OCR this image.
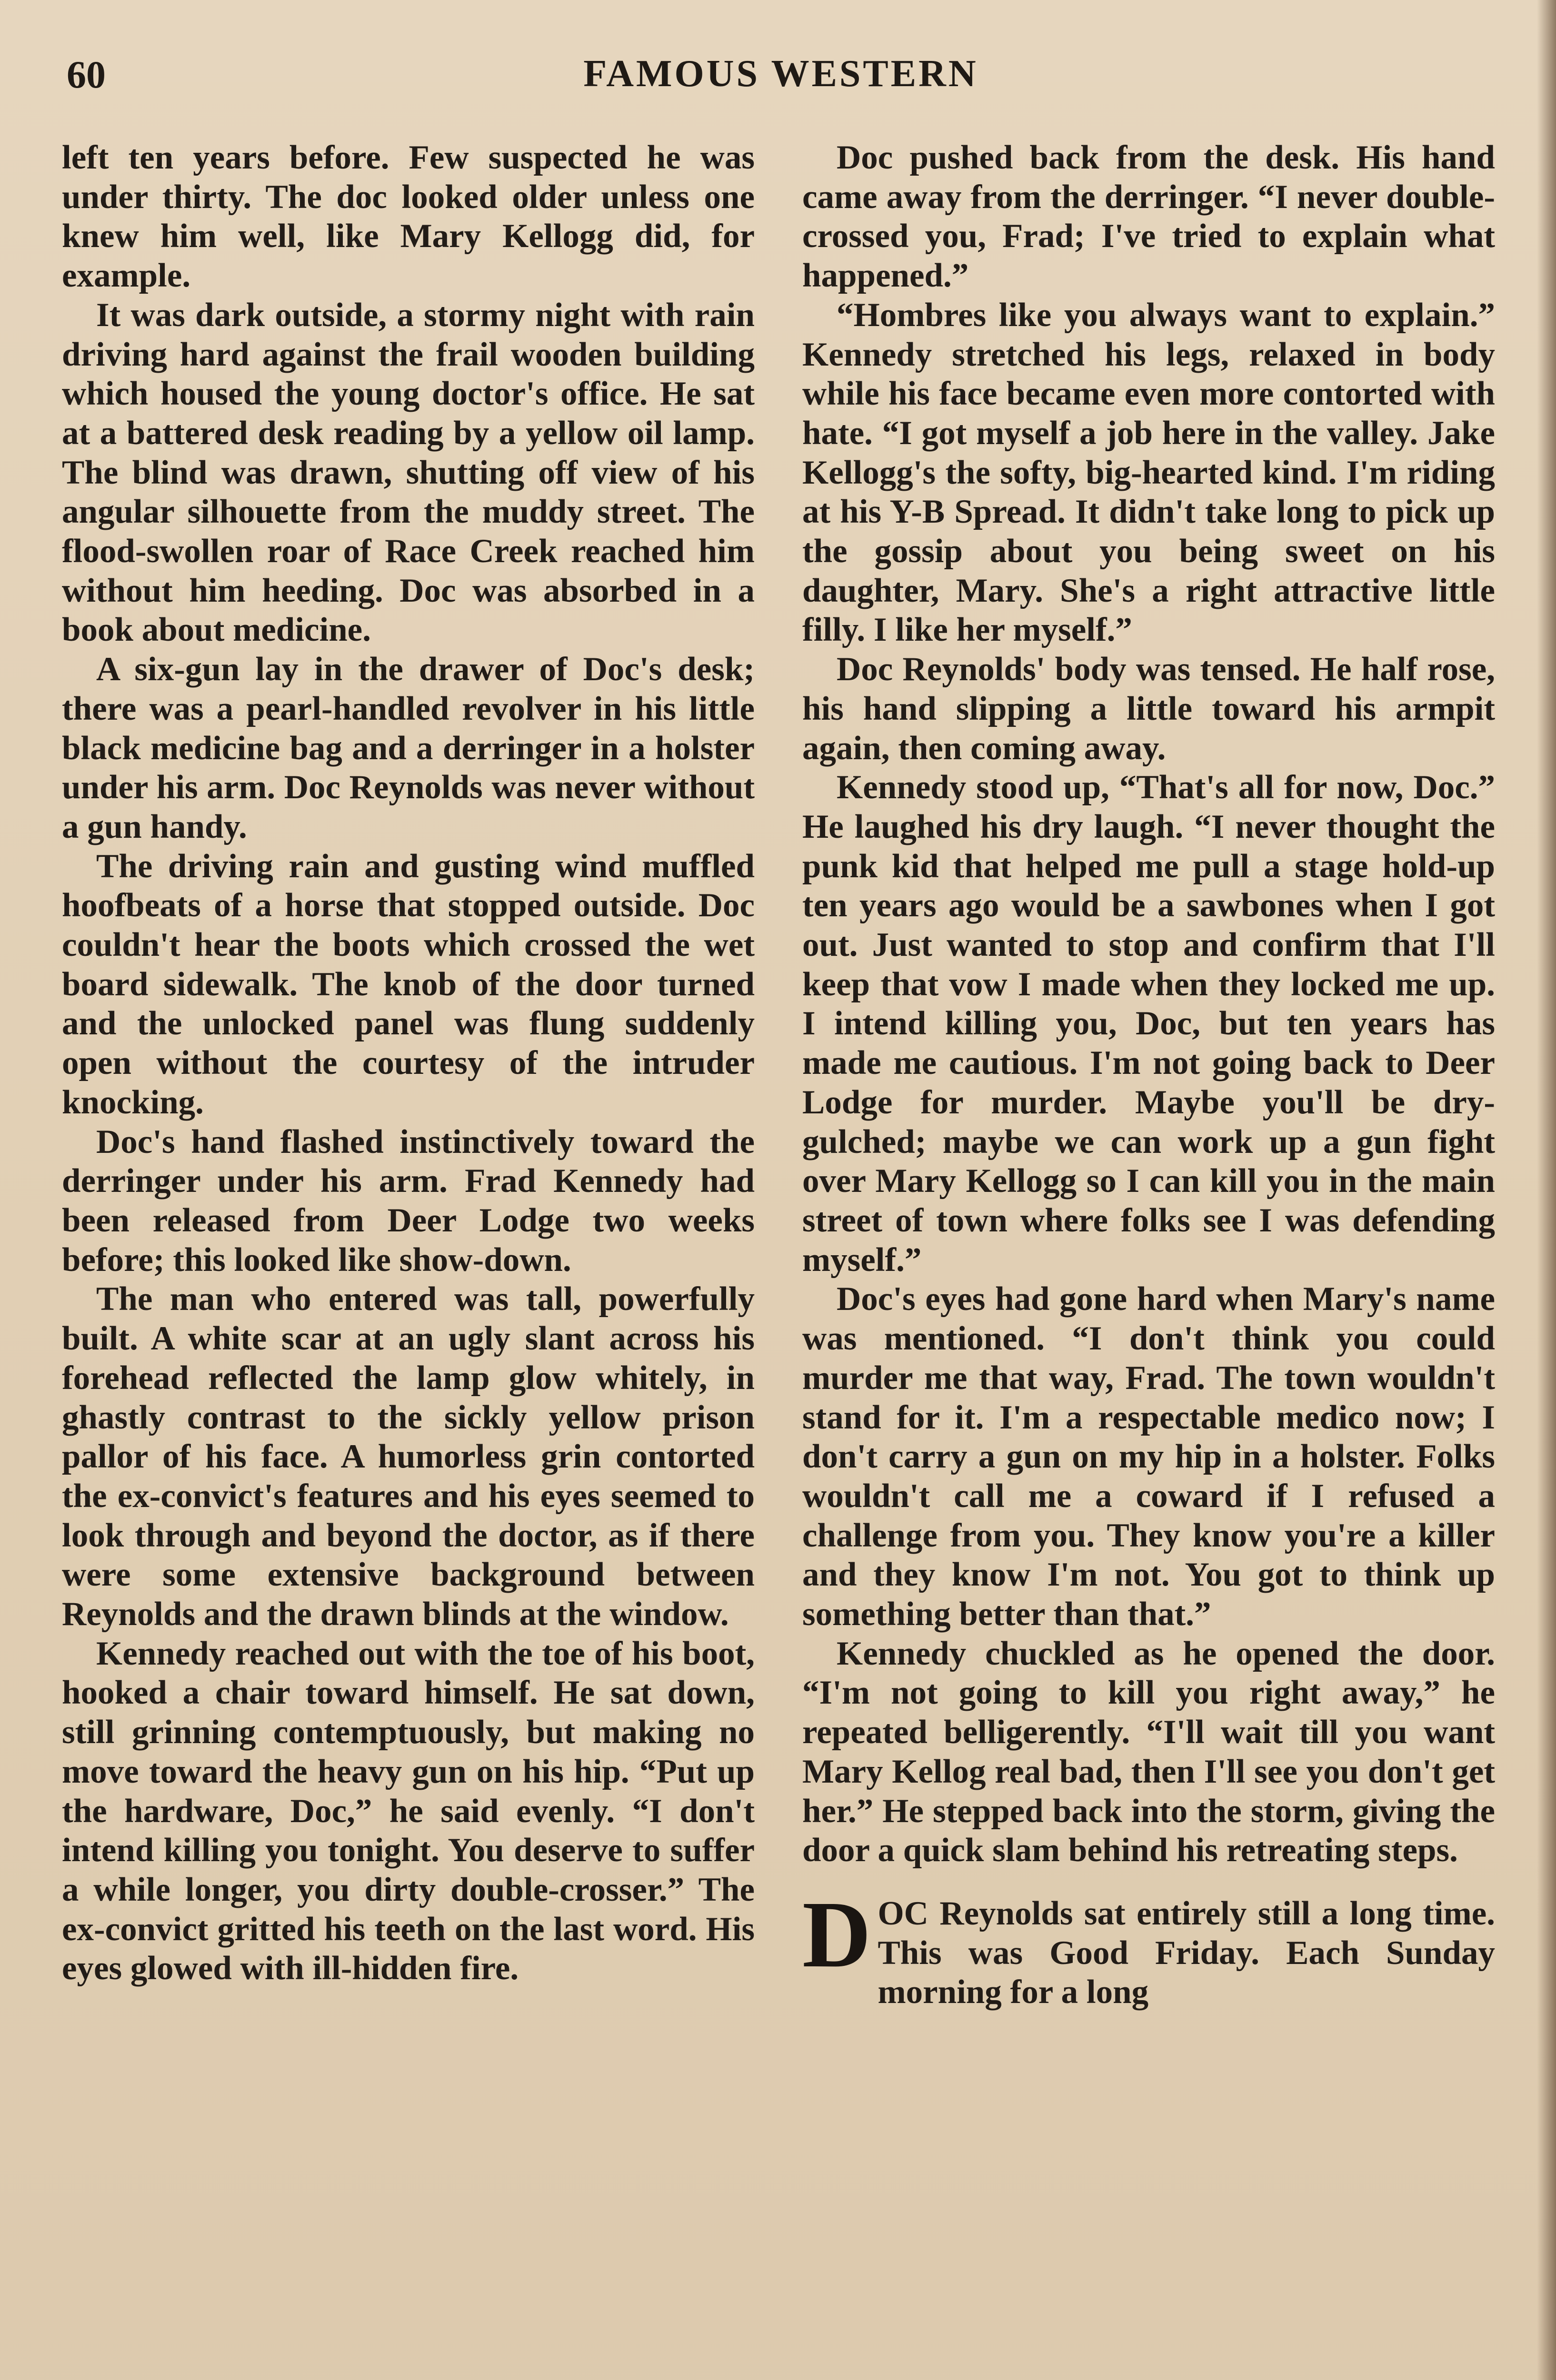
60	FAMOUS WESTERN

left ten years before. Few suspected he was under thirty. The doc looked older unless one knew him well, like Mary Kellogg did, for example.

It was dark outside, a stormy night with rain driving hard against the frail wooden building which housed the young doctor's office. He sat at a battered desk reading by a yellow oil lamp. The blind was drawn, shutting off view of his angular silhouette from the muddy street. The flood-swollen roar of Race Creek reached him without him heeding. Doc was absorbed in a book about medicine.

A six-gun lay in the drawer of Doc's desk; there was a pearl-handled revolver in his little black medicine bag and a derringer in a holster under his arm. Doc Reynolds was never without a gun handy.

The driving rain and gusting wind muffled hoofbeats of a horse that stopped outside. Doc couldn't hear the boots which crossed the wet board sidewalk. The knob of the door turned and the unlocked panel was flung suddenly open without the courtesy of the intruder knocking.

Doc's hand flashed instinctively toward the derringer under his arm. Frad Kennedy had been released from Deer Lodge two weeks before; this looked like show-down.

The man who entered was tall, powerfully built. A white scar at an ugly slant across his forehead reflected the lamp glow whitely, in ghastly contrast to the sickly yellow prison pallor of his face. A humorless grin contorted the ex-convict's features and his eyes seemed to look through and beyond the doctor, as if there were some extensive background between Reynolds and the drawn blinds at the window.

Kennedy reached out with the toe of his boot, hooked a chair toward himself. He sat down, still grinning contemptuously, but making no move toward the heavy gun on his hip. “Put up the hardware, Doc,” he said evenly. “I don't intend killing you tonight. You deserve to suffer a while longer, you dirty double-crosser.” The ex-convict gritted his teeth on the last word. His eyes glowed with ill-hidden fire.

Doc pushed back from the desk. His hand came away from the derringer. “I never double-crossed you, Frad; I've tried to explain what happened.”

“Hombres like you always want to explain.” Kennedy stretched his legs, relaxed in body while his face became even more contorted with hate. “I got myself a job here in the valley. Jake Kellogg's the softy, big-hearted kind. I'm riding at his Y-B Spread. It didn't take long to pick up the gossip about you being sweet on his daughter, Mary. She's a right attractive little filly. I like her myself.”

Doc Reynolds' body was tensed. He half rose, his hand slipping a little toward his armpit again, then coming away.

Kennedy stood up, “That's all for now, Doc.” He laughed his dry laugh. “I never thought the punk kid that helped me pull a stage hold-up ten years ago would be a sawbones when I got out. Just wanted to stop and confirm that I'll keep that vow I made when they locked me up. I intend killing you, Doc, but ten years has made me cautious. I'm not going back to Deer Lodge for murder. Maybe you'll be dry-gulched; maybe we can work up a gun fight over Mary Kellogg so I can kill you in the main street of town where folks see I was defending myself.”

Doc's eyes had gone hard when Mary's name was mentioned. “I don't think you could murder me that way, Frad. The town wouldn't stand for it. I'm a respectable medico now; I don't carry a gun on my hip in a holster. Folks wouldn't call me a coward if I refused a challenge from you. They know you're a killer and they know I'm not. You got to think up something better than that.”

Kennedy chuckled as he opened the door. “I'm not going to kill you right away,” he repeated belligerently. “I'll wait till you want Mary Kellog real bad, then I'll see you don't get her.” He stepped back into the storm, giving the door a quick slam behind his retreating steps.

DOC Reynolds sat entirely still a long time. This was Good Friday. Each Sunday morning for a long
